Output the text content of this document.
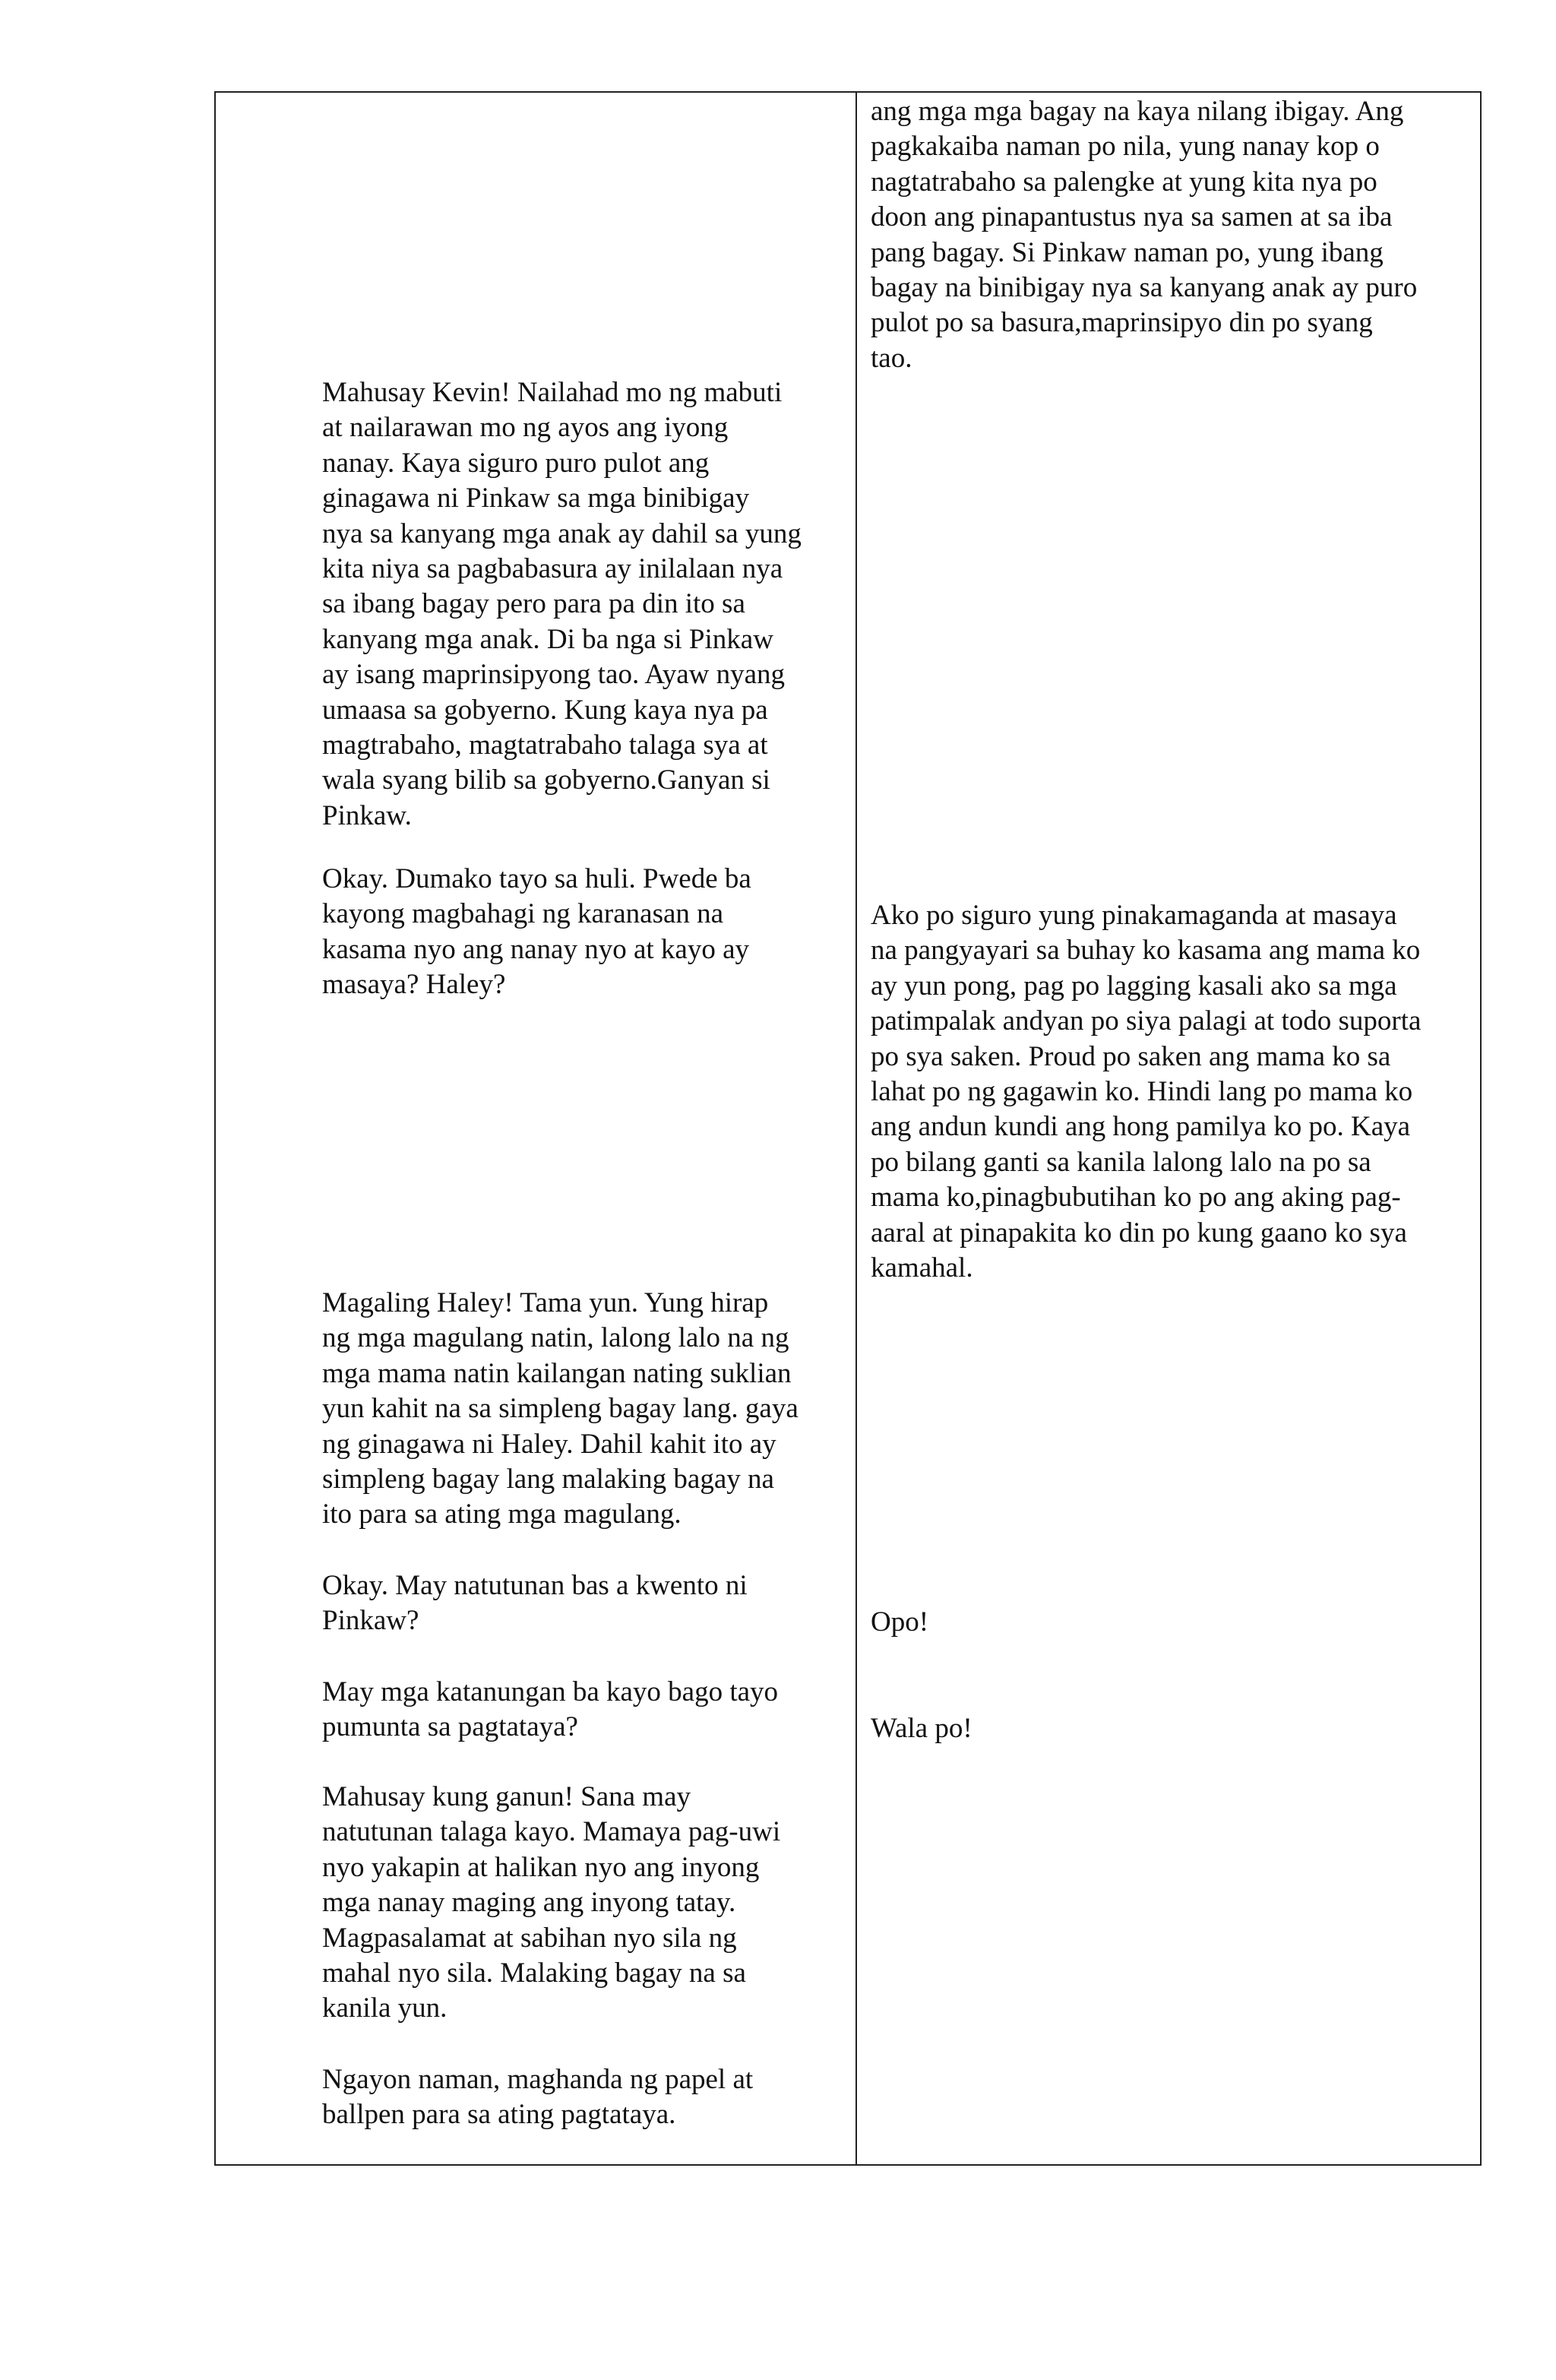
Mahusay Kevin! Nailahad mo ng mabuti
at nailarawan mo ng ayos ang iyong
nanay. Kaya siguro puro pulot ang
ginagawa ni Pinkaw sa mga binibigay
nya sa kanyang mga anak ay dahil sa yung
kita niya sa pagbabasura ay inilalaan nya
sa ibang bagay pero para pa din ito sa
kanyang mga anak. Di ba nga si Pinkaw
ay isang maprinsipyong tao. Ayaw nyang
umaasa sa gobyerno. Kung kaya nya pa
magtrabaho, magtatrabaho talaga sya at
wala syang bilib sa gobyerno.Ganyan si
Pinkaw.

Okay. Dumako tayo sa huli. Pwede ba
kayong magbahagi ng karanasan na
kasama nyo ang nanay nyo at kayo ay
masaya? Haley?

Magaling Haley! Tama yun. Yung hirap
ng mga magulang natin, lalong lalo na ng
mga mama natin kailangan nating suklian
yun kahit na sa simpleng bagay lang. gaya
ng ginagawa ni Haley. Dahil kahit ito ay
simpleng bagay lang malaking bagay na
ito para sa ating mga magulang.

Okay. May natutunan bas a kwento ni
Pinkaw?

May mga katanungan ba kayo bago tayo
pumunta sa pagtataya?

Mahusay kung ganun! Sana may
natutunan talaga kayo. Mamaya pag-uwi
nyo yakapin at halikan nyo ang inyong
mga nanay maging ang inyong tatay.
Magpasalamat at sabihan nyo sila ng
mahal nyo sila. Malaking bagay na sa
kanila yun.

Ngayon naman, maghanda ng papel at
ballpen para sa ating pagtataya.

ang mga mga bagay na kaya nilang ibigay. Ang
pagkakaiba naman po nila, yung nanay kop o
nagtatrabaho sa palengke at yung kita nya po
doon ang pinapantustus nya sa samen at sa iba
pang bagay. Si Pinkaw naman po, yung ibang
bagay na binibigay nya sa kanyang anak ay puro
pulot po sa basura,maprinsipyo din po syang
tao.

Ako po siguro yung pinakamaganda at masaya
na pangyayari sa buhay ko kasama ang mama ko
ay yun pong, pag po lagging kasali ako sa mga
patimpalak andyan po siya palagi at todo suporta
po sya saken. Proud po saken ang mama ko sa
lahat po ng gagawin ko. Hindi lang po mama ko
ang andun kundi ang hong pamilya ko po. Kaya
po bilang ganti sa kanila lalong lalo na po sa
mama ko,pinagbubutihan ko po ang aking pag-
aaral at pinapakita ko din po kung gaano ko sya
kamahal.

Opo!

Wala po!
